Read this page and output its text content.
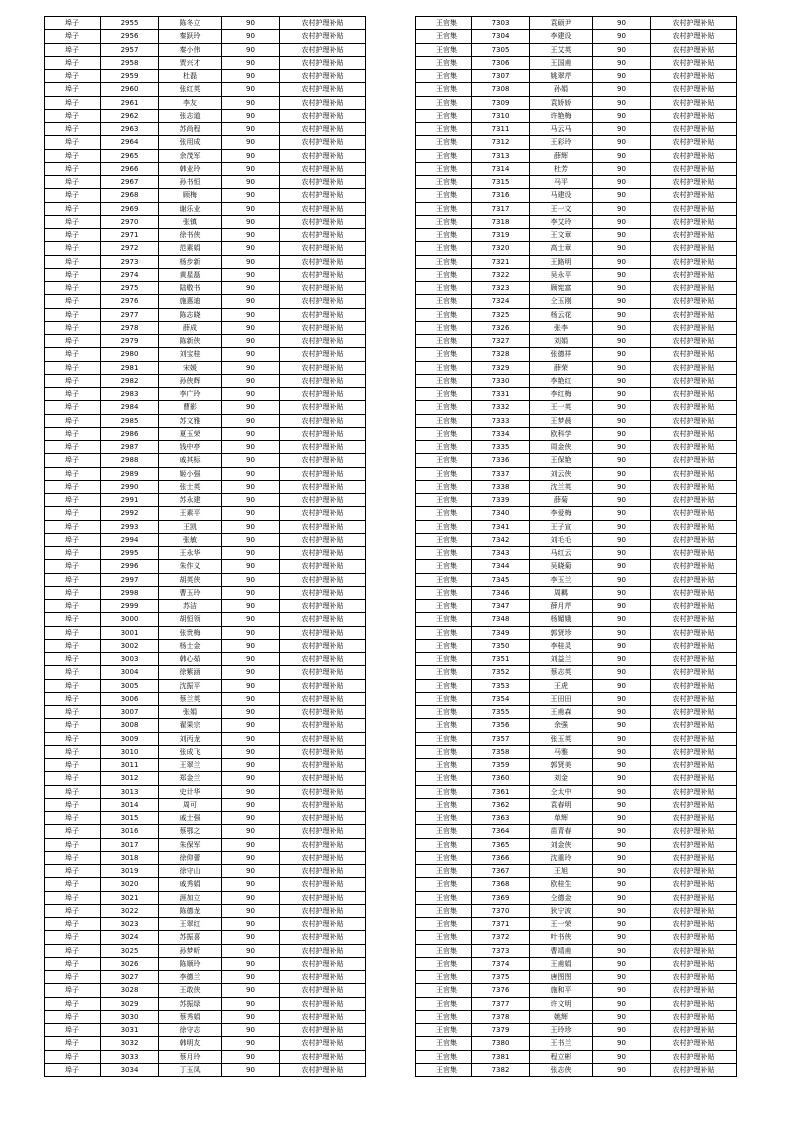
埠子	2955	陈冬立	90	农村护理补贴
埠子	2956	秦跃玲	90	农村护理补贴
埠子	2957	秦小伟	90	农村护理补贴
埠子	2958	贾兴才	90	农村护理补贴
埠子	2959	杜磊	90	农村护理补贴
埠子	2960	张红英	90	农村护理补贴
埠子	2961	李友	90	农村护理补贴
埠子	2962	张志道	90	农村护理补贴
埠子	2963	苏尚程	90	农村护理补贴
埠子	2964	张用成	90	农村护理补贴
埠子	2965	余茂军	90	农村护理补贴
埠子	2966	韩业玲	90	农村护理补贴
埠子	2967	孙书恒	90	农村护理补贴
埠子	2968	顾梅	90	农村护理补贴
埠子	2969	谢乐业	90	农村护理补贴
埠子	2970	张镇	90	农村护理补贴
埠子	2971	徐书侠	90	农村护理补贴
埠子	2972	范素娟	90	农村护理补贴
埠子	2973	杨步新	90	农村护理补贴
埠子	2974	黄星磊	90	农村护理补贴
埠子	2975	陆敬书	90	农村护理补贴
埠子	2976	施惠迪	90	农村护理补贴
埠子	2977	陈志晓	90	农村护理补贴
埠子	2978	薛成	90	农村护理补贴
埠子	2979	陈新侠	90	农村护理补贴
埠子	2980	刘宝桂	90	农村护理补贴
埠子	2981	宋媛	90	农村护理补贴
埠子	2982	孙侠辉	90	农村护理补贴
埠子	2983	李广玲	90	农村护理补贴
埠子	2984	曹影	90	农村护理补贴
埠子	2985	苏文雅	90	农村护理补贴
埠子	2986	夏玉荣	90	农村护理补贴
埠子	2987	钱中亭	90	农村护理补贴
埠子	2988	戚其标	90	农村护理补贴
埠子	2989	姬小强	90	农村护理补贴
埠子	2990	张士英	90	农村护理补贴
埠子	2991	苏永建	90	农村护理补贴
埠子	2992	王素平	90	农村护理补贴
埠子	2993	王凯	90	农村护理补贴
埠子	2994	张敏	90	农村护理补贴
埠子	2995	王永华	90	农村护理补贴
埠子	2996	朱作义	90	农村护理补贴
埠子	2997	胡英侠	90	农村护理补贴
埠子	2998	曹玉玲	90	农村护理补贴
埠子	2999	苏洁	90	农村护理补贴
埠子	3000	胡恒领	90	农村护理补贴
埠子	3001	张贵梅	90	农村护理补贴
埠子	3002	杨士金	90	农村护理补贴
埠子	3003	韩心茹	90	农村护理补贴
埠子	3004	徐紫涵	90	农村护理补贴
埠子	3005	沈振平	90	农村护理补贴
埠子	3006	蔡兰英	90	农村护理补贴
埠子	3007	张娟	90	农村护理补贴
埠子	3008	翟果宗	90	农村护理补贴
埠子	3009	刘丙龙	90	农村护理补贴
埠子	3010	张成飞	90	农村护理补贴
埠子	3011	王翠兰	90	农村护理补贴
埠子	3012	郑金兰	90	农村护理补贴
埠子	3013	史计华	90	农村护理补贴
埠子	3014	周可	90	农村护理补贴
埠子	3015	戚士强	90	农村护理补贴
埠子	3016	蔡鄂之	90	农村护理补贴
埠子	3017	朱保军	90	农村护理补贴
埠子	3018	徐仰蕾	90	农村护理补贴
埠子	3019	徐守山	90	农村护理补贴
埠子	3020	戚秀娟	90	农村护理补贴
埠子	3021	涯加立	90	农村护理补贴
埠子	3022	陈德龙	90	农村护理补贴
埠子	3023	王翠红	90	农村护理补贴
埠子	3024	苏振喜	90	农村护理补贴
埠子	3025	孙梦昕	90	农村护理补贴
埠子	3026	陈顺玲	90	农村护理补贴
埠子	3027	李德兰	90	农村护理补贴
埠子	3028	王敢侠	90	农村护理补贴
埠子	3029	苏振绿	90	农村护理补贴
埠子	3030	蔡秀娟	90	农村护理补贴
埠子	3031	徐守志	90	农村护理补贴
埠子	3032	韩明友	90	农村护理补贴
埠子	3033	蔡月玲	90	农村护理补贴
埠子	3034	丁玉凤	90	农村护理补贴
王官集	7303	袁硕尹	90	农村护理补贴
王官集	7304	李建设	90	农村护理补贴
王官集	7305	王艾英	90	农村护理补贴
王官集	7306	王国甫	90	农村护理补贴
王官集	7307	姚翠芹	90	农村护理补贴
王官集	7308	孙娟	90	农村护理补贴
王官集	7309	袁娇娇	90	农村护理补贴
王官集	7310	许艳梅	90	农村护理补贴
王官集	7311	马云马	90	农村护理补贴
王官集	7312	王彩玲	90	农村护理补贴
王官集	7313	薛辉	90	农村护理补贴
王官集	7314	杜芳	90	农村护理补贴
王官集	7315	马平	90	农村护理补贴
王官集	7316	马建设	90	农村护理补贴
王官集	7317	王一文	90	农村护理补贴
王官集	7318	李艾玲	90	农村护理补贴
王官集	7319	王文章	90	农村护理补贴
王官集	7320	高士章	90	农村护理补贴
王官集	7321	王路明	90	农村护理补贴
王官集	7322	吴永平	90	农村护理补贴
王官集	7323	顾宪富	90	农村护理补贴
王官集	7324	仝玉刚	90	农村护理补贴
王官集	7325	杨云花	90	农村护理补贴
王官集	7326	张李	90	农村护理补贴
王官集	7327	刘娟	90	农村护理补贴
王官集	7328	张德祥	90	农村护理补贴
王官集	7329	薛荣	90	农村护理补贴
王官集	7330	李艳红	90	农村护理补贴
王官集	7331	李红梅	90	农村护理补贴
王官集	7332	王一英	90	农村护理补贴
王官集	7333	王梦晨	90	农村护理补贴
王官集	7334	欧科学	90	农村护理补贴
王官集	7335	周金侠	90	农村护理补贴
王官集	7336	王保艳	90	农村护理补贴
王官集	7337	刘云侠	90	农村护理补贴
王官集	7338	沈兰英	90	农村护理补贴
王官集	7339	薛菊	90	农村护理补贴
王官集	7340	李爱梅	90	农村护理补贴
王官集	7341	王子宣	90	农村护理补贴
王官集	7342	刘毛毛	90	农村护理补贴
王官集	7343	马红云	90	农村护理补贴
王官集	7344	吴晓菊	90	农村护理补贴
王官集	7345	李玉兰	90	农村护理补贴
王官集	7346	周羁	90	农村护理补贴
王官集	7347	薛月芹	90	农村护理补贴
王官集	7348	杨媚娥	90	农村护理补贴
王官集	7349	郭贤珍	90	农村护理补贴
王官集	7350	李桂灵	90	农村护理补贴
王官集	7351	刘益兰	90	农村护理补贴
王官集	7352	蔡志英	90	农村护理补贴
王官集	7353	王虎	90	农村护理补贴
王官集	7354	王田田	90	农村护理补贴
王官集	7355	王甫森	90	农村护理补贴
王官集	7356	余强	90	农村护理补贴
王官集	7357	张玉英	90	农村护理补贴
王官集	7358	马雅	90	农村护理补贴
王官集	7359	郭贤美	90	农村护理补贴
王官集	7360	刘金	90	农村护理补贴
王官集	7361	仝太中	90	农村护理补贴
王官集	7362	袁春明	90	农村护理补贴
王官集	7363	单辉	90	农村护理补贴
王官集	7364	苗青春	90	农村护理补贴
王官集	7365	刘金侠	90	农村护理补贴
王官集	7366	沈重玲	90	农村护理补贴
王官集	7367	王旭	90	农村护理补贴
王官集	7368	欧桂生	90	农村护理补贴
王官集	7369	仝德金	90	农村护理补贴
王官集	7370	狄宁波	90	农村护理补贴
王官集	7371	王一荣	90	农村护理补贴
王官集	7372	叶书侠	90	农村护理补贴
王官集	7373	曹靖甫	90	农村护理补贴
王官集	7374	王甫娟	90	农村护理补贴
王官集	7375	唐图图	90	农村护理补贴
王官集	7376	施和平	90	农村护理补贴
王官集	7377	许文明	90	农村护理补贴
王官集	7378	姚辉	90	农村护理补贴
王官集	7379	王玲珍	90	农村护理补贴
王官集	7380	王书兰	90	农村护理补贴
王官集	7381	程立彬	90	农村护理补贴
王官集	7382	张志侠	90	农村护理补贴
